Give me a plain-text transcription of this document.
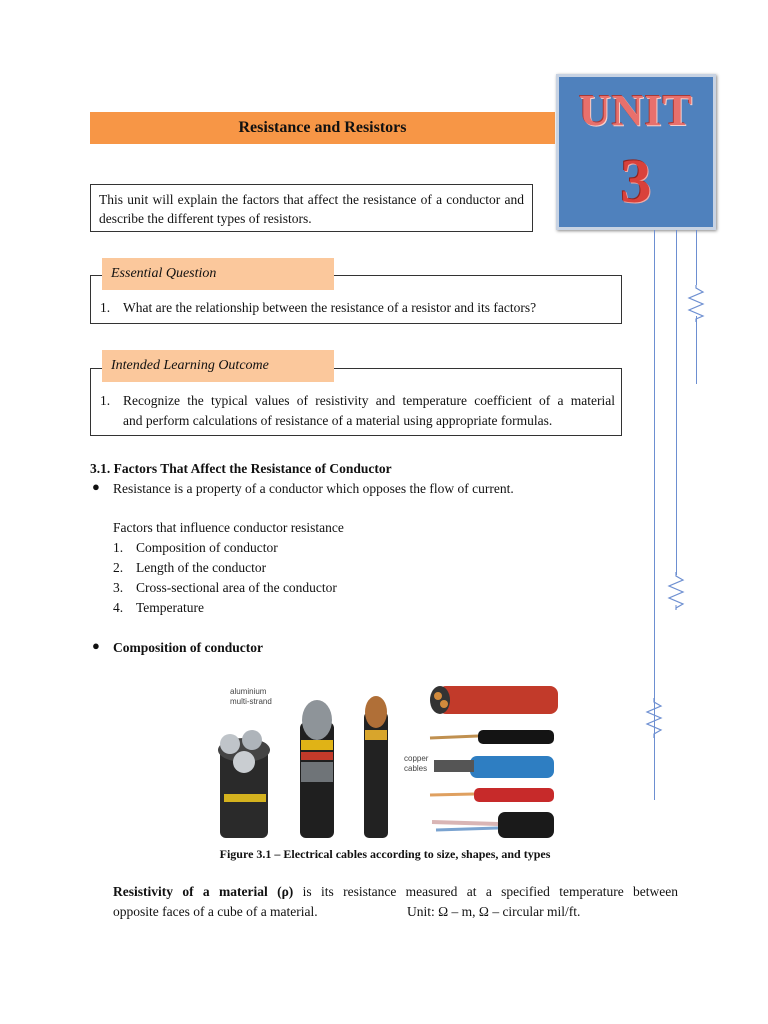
Resistance and Resistors	UNIT
3
This unit will explain the factors that affect the resistance of a conductor and describe the different types of resistors.
1. What are the relationship between the resistance of a resistor and its factors?
Essential Question
1. Recognize the typical values of resistivity and temperature coefficient of a material
and perform calculations of resistance of a material using appropriate formulas.
Intended Learning Outcome
3.1. Factors That Affect the Resistance of Conductor
● Resistance is a property of a conductor which opposes the flow of current.
Factors that influence conductor resistance
1. Composition of conductor
2. Length of the conductor
3. Cross-sectional area of the conductor
4. Temperature
● Composition of conductor
aluminium
multi-strand
copper
cables
Figure 3.1 – Electrical cables according to size, shapes, and types
Resistivity of a material (ρ) is its resistance measured at a specified temperature between
opposite faces of a cube of a material.	Unit: Ω – m, Ω – circular mil/ft.
